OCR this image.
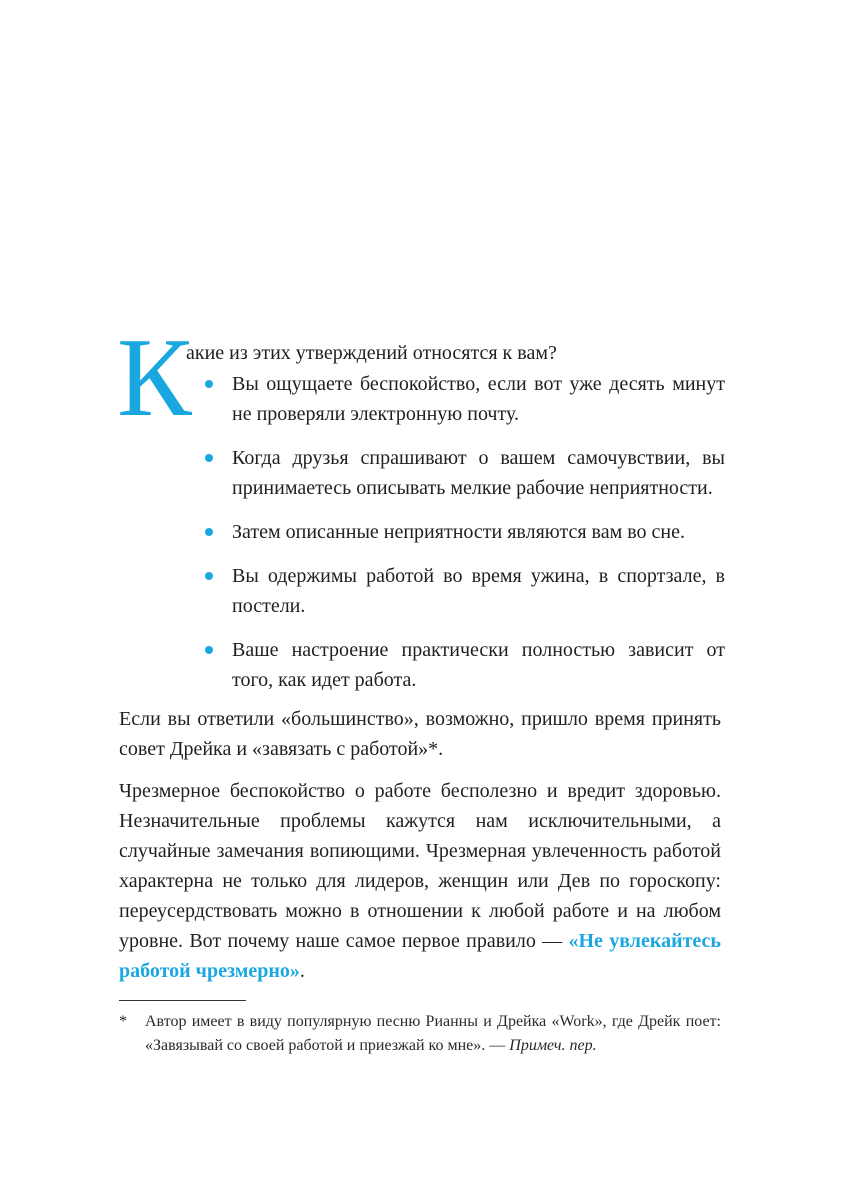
К
акие из этих утверждений относятся к вам?
Вы ощущаете беспокойство, если вот уже десять минут не проверяли электронную почту.
Когда друзья спрашивают о вашем самочувствии, вы принимаетесь описывать мелкие рабочие неприятности.
Затем описанные неприятности являются вам во сне.
Вы одержимы работой во время ужина, в спортзале, в постели.
Ваше настроение практически полностью зависит от того, как идет работа.

Если вы ответили «большинство», возможно, пришло время принять совет Дрейка и «завязать с работой»*.

Чрезмерное беспокойство о работе бесполезно и вредит здоровью. Незначительные проблемы кажутся нам исключительными, а случайные замечания вопиющими. Чрезмерная увлеченность работой характерна не только для лидеров, женщин или Дев по гороскопу: переусердствовать можно в отношении к любой работе и на любом уровне. Вот почему наше самое первое правило — «Не увлекайтесь работой чрезмерно».

* Автор имеет в виду популярную песню Рианны и Дрейка «Work», где Дрейк поет: «Завязывай со своей работой и приезжай ко мне». — Примеч. пер.
